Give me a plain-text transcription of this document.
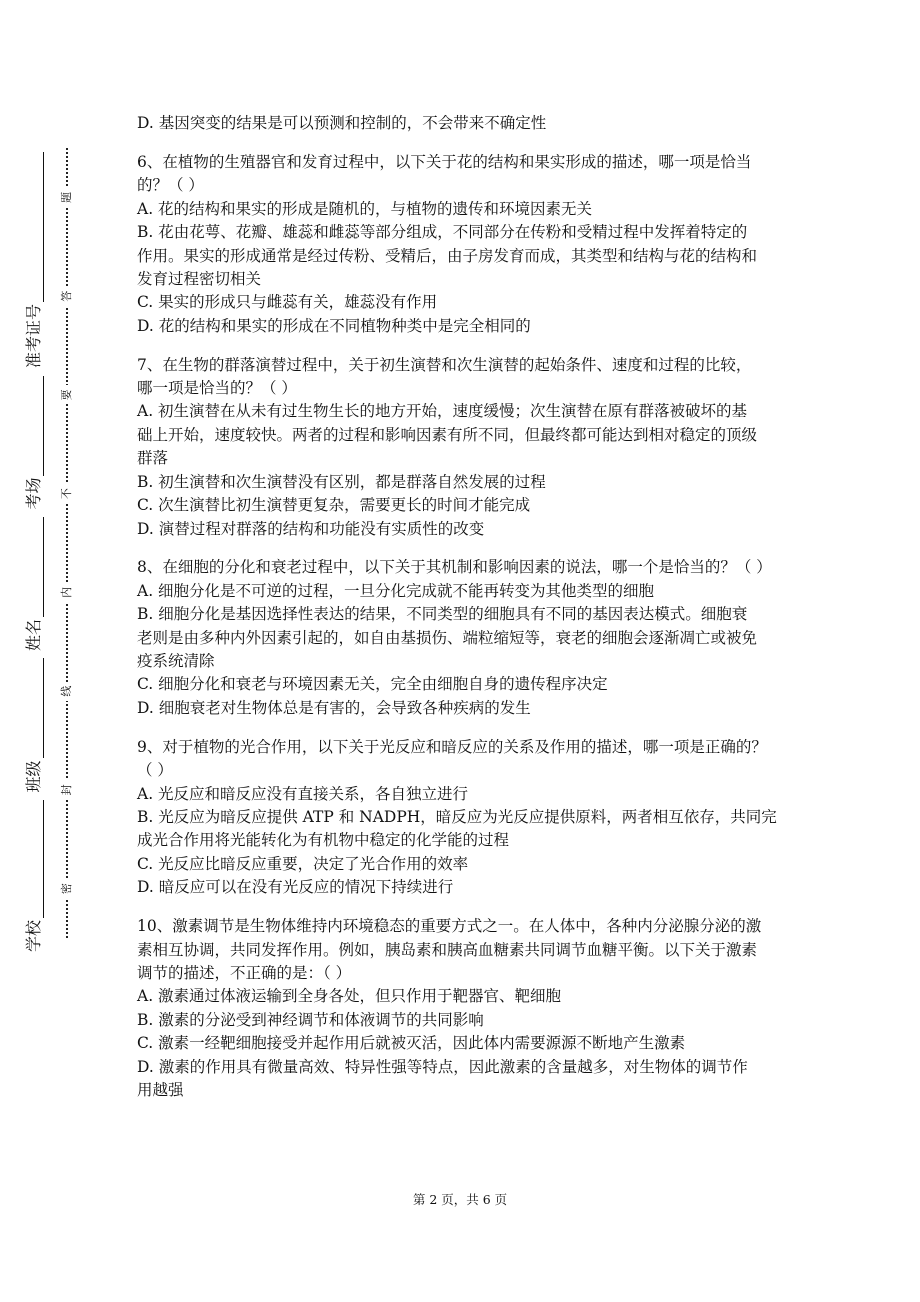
学校
班级
姓名
考场
准考证号
密
封
线
内
不
要
答
题
D. 基因突变的结果是可以预测和控制的，不会带来不确定性
6、在植物的生殖器官和发育过程中，以下关于花的结构和果实形成的描述，哪一项是恰当
的？（ ）
A. 花的结构和果实的形成是随机的，与植物的遗传和环境因素无关
B. 花由花萼、花瓣、雄蕊和雌蕊等部分组成，不同部分在传粉和受精过程中发挥着特定的
作用。果实的形成通常是经过传粉、受精后，由子房发育而成，其类型和结构与花的结构和
发育过程密切相关
C. 果实的形成只与雌蕊有关，雄蕊没有作用
D. 花的结构和果实的形成在不同植物种类中是完全相同的
7、在生物的群落演替过程中，关于初生演替和次生演替的起始条件、速度和过程的比较，
哪一项是恰当的？（ ）
A. 初生演替在从未有过生物生长的地方开始，速度缓慢；次生演替在原有群落被破坏的基
础上开始，速度较快。两者的过程和影响因素有所不同，但最终都可能达到相对稳定的顶级
群落
B. 初生演替和次生演替没有区别，都是群落自然发展的过程
C. 次生演替比初生演替更复杂，需要更长的时间才能完成
D. 演替过程对群落的结构和功能没有实质性的改变
8、在细胞的分化和衰老过程中，以下关于其机制和影响因素的说法，哪一个是恰当的？（ ）
A. 细胞分化是不可逆的过程，一旦分化完成就不能再转变为其他类型的细胞
B. 细胞分化是基因选择性表达的结果，不同类型的细胞具有不同的基因表达模式。细胞衰
老则是由多种内外因素引起的，如自由基损伤、端粒缩短等，衰老的细胞会逐渐凋亡或被免
疫系统清除
C. 细胞分化和衰老与环境因素无关，完全由细胞自身的遗传程序决定
D. 细胞衰老对生物体总是有害的，会导致各种疾病的发生
9、对于植物的光合作用，以下关于光反应和暗反应的关系及作用的描述，哪一项是正确的？
（ ）
A. 光反应和暗反应没有直接关系，各自独立进行
B. 光反应为暗反应提供 ATP 和 NADPH，暗反应为光反应提供原料，两者相互依存，共同完
成光合作用将光能转化为有机物中稳定的化学能的过程
C. 光反应比暗反应重要，决定了光合作用的效率
D. 暗反应可以在没有光反应的情况下持续进行
10、激素调节是生物体维持内环境稳态的重要方式之一。在人体中，各种内分泌腺分泌的激
素相互协调，共同发挥作用。例如，胰岛素和胰高血糖素共同调节血糖平衡。以下关于激素
调节的描述，不正确的是：（ ）
A. 激素通过体液运输到全身各处，但只作用于靶器官、靶细胞
B. 激素的分泌受到神经调节和体液调节的共同影响
C. 激素一经靶细胞接受并起作用后就被灭活，因此体内需要源源不断地产生激素
D. 激素的作用具有微量高效、特异性强等特点，因此激素的含量越多，对生物体的调节作
用越强
第 2 页，共 6 页
